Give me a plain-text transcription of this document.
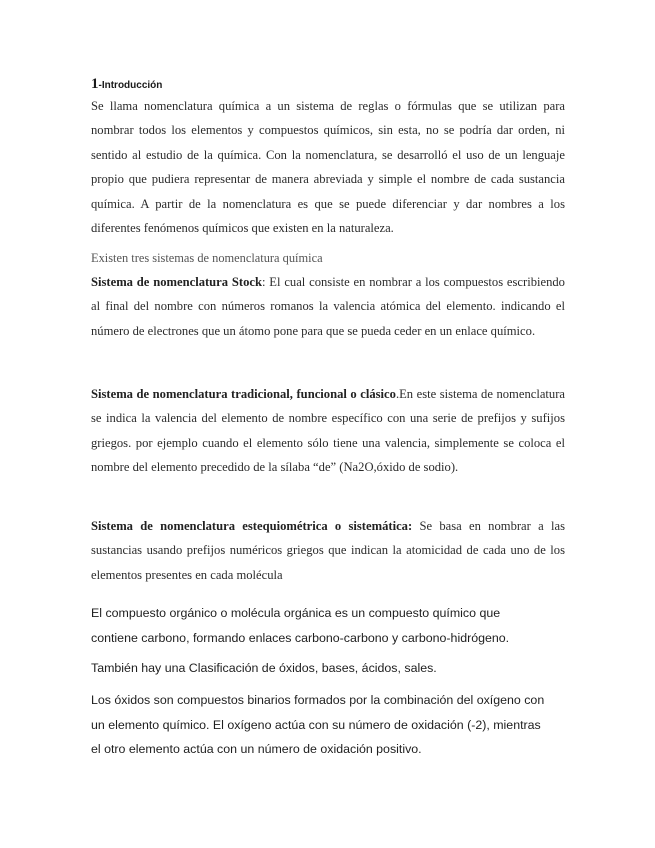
1-Introducción

Se llama nomenclatura química a un sistema de reglas o fórmulas que se utilizan para nombrar todos los elementos y compuestos químicos, sin esta, no se podría dar orden, ni sentido al estudio de la química. Con la nomenclatura, se desarrolló el uso de un lenguaje propio que pudiera representar de manera abreviada y simple el nombre de cada sustancia química. A partir de la nomenclatura es que se puede diferenciar y dar nombres a los diferentes fenómenos químicos que existen en la naturaleza.

Existen tres sistemas de nomenclatura química

Sistema de nomenclatura Stock: El cual consiste en nombrar a los compuestos escribiendo al final del nombre con números romanos la valencia atómica del elemento. indicando el número de electrones que un átomo pone para que se pueda ceder en un enlace químico.

Sistema de nomenclatura tradicional, funcional o clásico.En este sistema de nomenclatura se indica la valencia del elemento de nombre específico con una serie de prefijos y sufijos griegos. por ejemplo cuando el elemento sólo tiene una valencia, simplemente se coloca el nombre del elemento precedido de la sílaba “de” (Na2O,óxido de sodio).

Sistema de nomenclatura estequiométrica o sistemática: Se basa en nombrar a las sustancias usando prefijos numéricos griegos que indican la atomicidad de cada uno de los elementos presentes en cada molécula

El compuesto orgánico o molécula orgánica es un compuesto químico que contiene carbono, formando enlaces carbono-carbono y carbono-hidrógeno.

También hay una Clasificación de óxidos, bases, ácidos, sales.

Los óxidos son compuestos binarios formados por la combinación del oxígeno con un elemento químico. El oxígeno actúa con su número de oxidación (-2), mientras el otro elemento actúa con un número de oxidación positivo.
